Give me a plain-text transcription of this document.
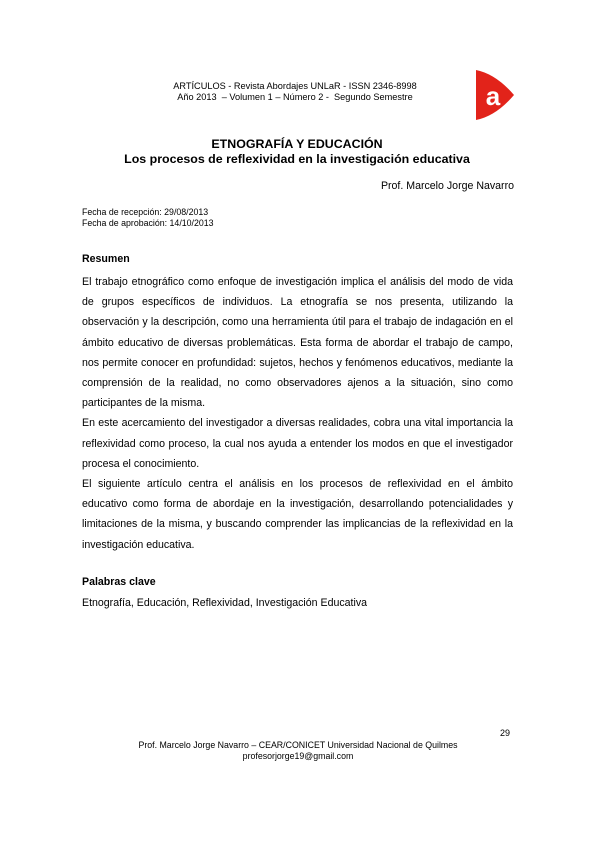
ARTÍCULOS - Revista Abordajes UNLaR - ISSN 2346-8998
Año 2013  – Volumen 1 – Número 2 -  Segundo Semestre	a
ETNOGRAFÍA Y EDUCACIÓN
Los procesos de reflexividad en la investigación educativa
Prof. Marcelo Jorge Navarro
Fecha de recepción: 29/08/2013
Fecha de aprobación: 14/10/2013
Resumen

El trabajo etnográfico como enfoque de investigación implica el análisis del modo de vida de grupos específicos de individuos. La etnografía se nos presenta, utilizando la observación y la descripción, como una herramienta útil para el trabajo de indagación en el ámbito educativo de diversas problemáticas. Esta forma de abordar el trabajo de campo, nos permite conocer en profundidad: sujetos, hechos y fenómenos educativos, mediante la comprensión de la realidad, no como observadores ajenos a la situación, sino como participantes de la misma.

En este acercamiento del investigador a diversas realidades, cobra una vital importancia la reflexividad como proceso, la cual nos ayuda a entender los modos en que el investigador procesa el conocimiento.

El siguiente artículo centra el análisis en los procesos de reflexividad en el ámbito educativo como forma de abordaje en la investigación, desarrollando potencialidades y limitaciones de la misma, y buscando comprender las implicancias de la reflexividad en la investigación educativa.

Palabras clave
Etnografía, Educación, Reflexividad, Investigación Educativa
29
Prof. Marcelo Jorge Navarro – CEAR/CONICET Universidad Nacional de Quilmes
profesorjorge19@gmail.com
